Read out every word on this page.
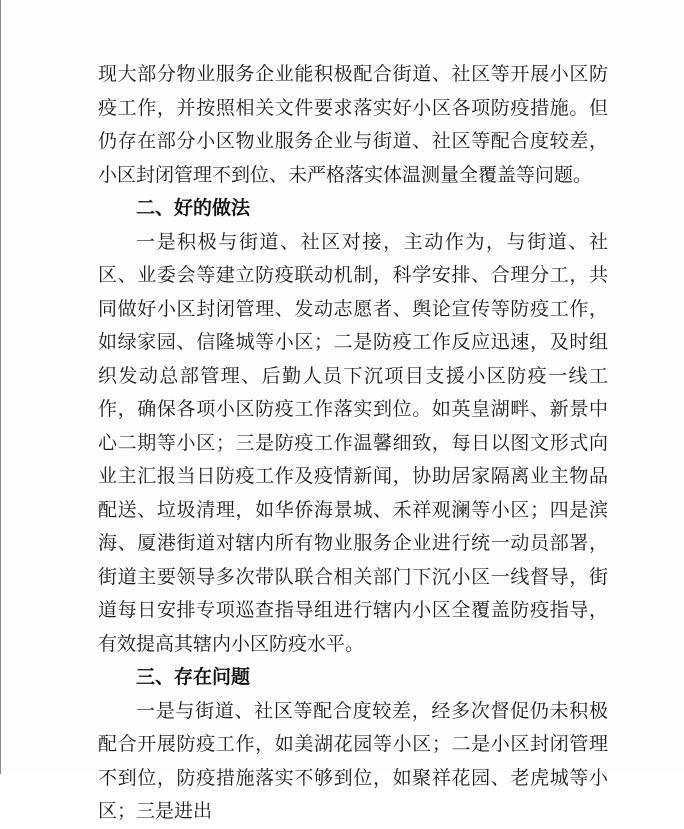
现大部分物业服务企业能积极配合街道、社区等开展小区防疫工作，并按照相关文件要求落实好小区各项防疫措施。但仍存在部分小区物业服务企业与街道、社区等配合度较差，小区封闭管理不到位、未严格落实体温测量全覆盖等问题。

二、好的做法

一是积极与街道、社区对接，主动作为，与街道、社区、业委会等建立防疫联动机制，科学安排、合理分工，共同做好小区封闭管理、发动志愿者、舆论宣传等防疫工作，如绿家园、信隆城等小区；二是防疫工作反应迅速，及时组织发动总部管理、后勤人员下沉项目支援小区防疫一线工作，确保各项小区防疫工作落实到位。如英皇湖畔、新景中心二期等小区；三是防疫工作温馨细致，每日以图文形式向业主汇报当日防疫工作及疫情新闻，协助居家隔离业主物品配送、垃圾清理，如华侨海景城、禾祥观澜等小区；四是滨海、厦港街道对辖内所有物业服务企业进行统一动员部署，街道主要领导多次带队联合相关部门下沉小区一线督导，街道每日安排专项巡查指导组进行辖内小区全覆盖防疫指导，有效提高其辖内小区防疫水平。

三、存在问题

一是与街道、社区等配合度较差，经多次督促仍未积极配合开展防疫工作，如美湖花园等小区；二是小区封闭管理不到位，防疫措施落实不够到位，如聚祥花园、老虎城等小区；三是进出
